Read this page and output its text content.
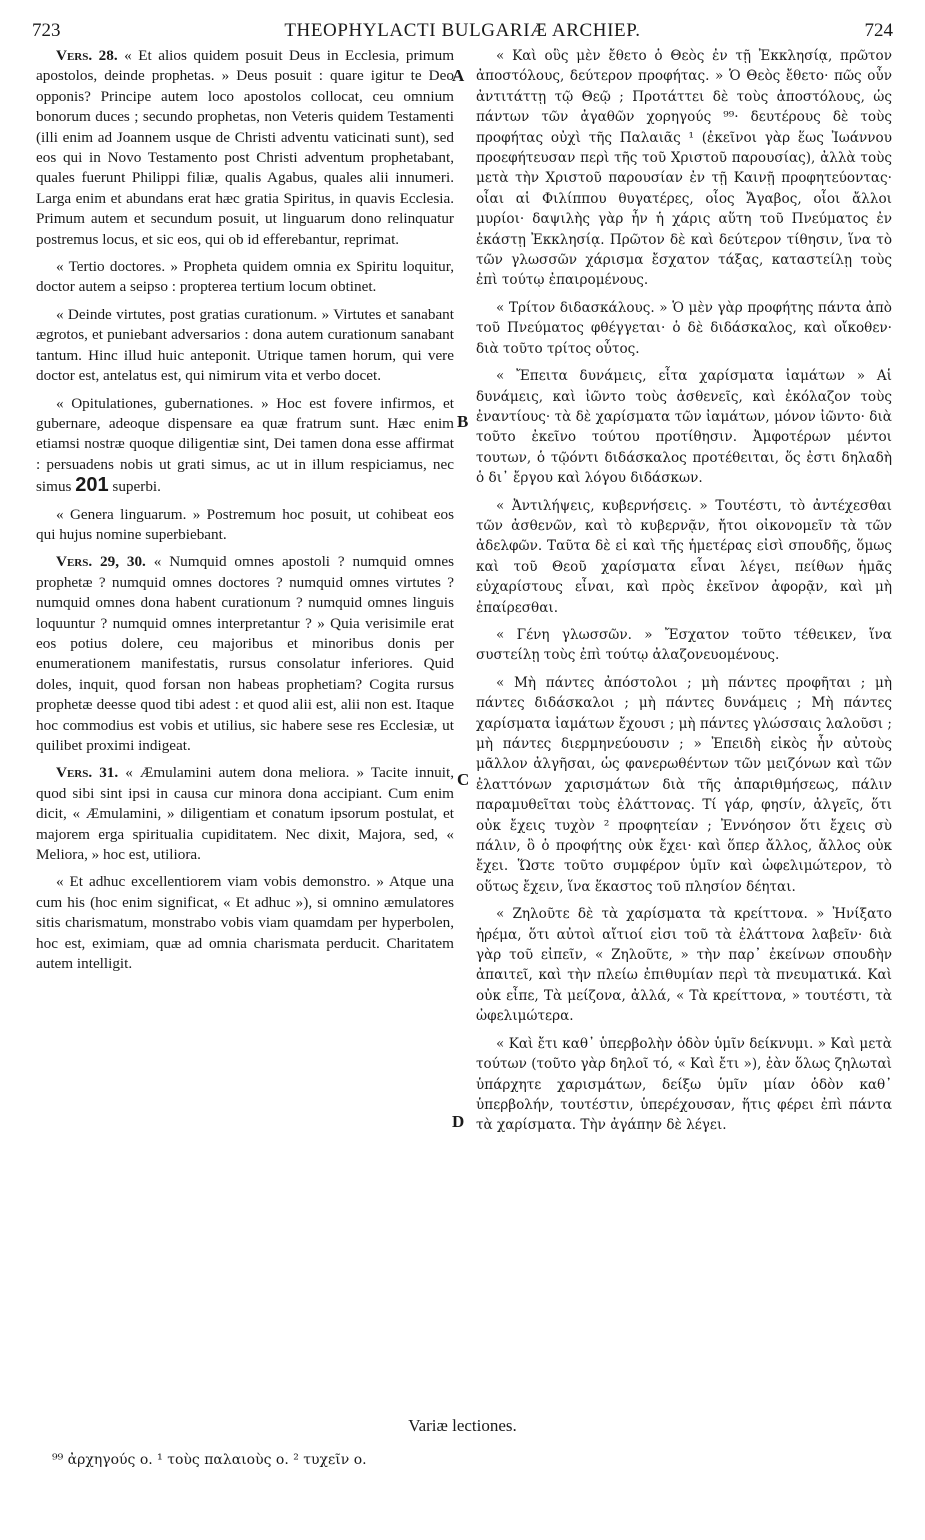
723	THEOPHYLACTI BULGARIÆ ARCHIEP.	724
A
B
C
D

Vers. 28. « Et alios quidem posuit Deus in Ecclesia, primum apostolos, deinde prophetas. » Deus posuit : quare igitur te Deo opponis? Principe autem loco apostolos collocat, ceu omnium bonorum duces ; secundo prophetas, non Veteris quidem Testamenti (illi enim ad Joannem usque de Christi adventu vaticinati sunt), sed eos qui in Novo Testamento post Christi adventum prophetabant, quales fuerunt Philippi filiæ, qualis Agabus, quales alii innumeri. Larga enim et abundans erat hæc gratia Spiritus, in quavis Ecclesia. Primum autem et secundum posuit, ut linguarum dono relinquatur postremus locus, et sic eos, qui ob id efferebantur, reprimat.

« Tertio doctores. » Propheta quidem omnia ex Spiritu loquitur, doctor autem a seipso : propterea tertium locum obtinet.

« Deinde virtutes, post gratias curationum. » Virtutes et sanabant ægrotos, et puniebant adversarios : dona autem curationum sanabant tantum. Hinc illud huic anteponit. Utrique tamen horum, qui vere doctor est, antelatus est, qui nimirum vita et verbo docet.

« Opitulationes, gubernationes. » Hoc est fovere infirmos, et gubernare, adeoque dispensare ea quæ fratrum sunt. Hæc enim etiamsi nostræ quoque diligentiæ sint, Dei tamen dona esse affirmat : persuadens nobis ut grati simus, ac ut in illum respiciamus, nec simus 201 superbi.

« Genera linguarum. » Postremum hoc posuit, ut cohibeat eos qui hujus nomine superbiebant.

Vers. 29, 30. « Numquid omnes apostoli ? numquid omnes prophetæ ? numquid omnes doctores ? numquid omnes virtutes ? numquid omnes dona habent curationum ? numquid omnes linguis loquuntur ? numquid omnes interpretantur ? » Quia verisimile erat eos potius dolere, ceu majoribus et minoribus donis per enumerationem manifestatis, rursus consolatur inferiores. Quid doles, inquit, quod forsan non habeas prophetiam? Cogita rursus prophetæ deesse quod tibi adest : et quod alii est, alii non est. Itaque hoc commodius est vobis et utilius, sic habere sese res Ecclesiæ, ut quilibet proximi indigeat.

Vers. 31. « Æmulamini autem dona meliora. » Tacite innuit, quod sibi sint ipsi in causa cur minora dona accipiant. Cum enim dicit, « Æmulamini, » diligentiam et conatum ipsorum postulat, et majorem erga spiritualia cupiditatem. Nec dixit, Majora, sed, « Meliora, » hoc est, utiliora.

« Et adhuc excellentiorem viam vobis demonstro. » Atque una cum his (hoc enim significat, « Et adhuc »), si omnino æmulatores sitis charismatum, monstrabo vobis viam quamdam per hyperbolen, hoc est, eximiam, quæ ad omnia charismata perducit. Charitatem autem intelligit.

« Καὶ οὓς μὲν ἔθετο ὁ Θεὸς ἐν τῇ Ἐκκλησίᾳ, πρῶτον ἀποστόλους, δεύτερον προφήτας. » Ὁ Θεὸς ἔθετο· πῶς οὖν ἀντιτάττῃ τῷ Θεῷ ; Προτάττει δὲ τοὺς ἀποστόλους, ὡς πάντων τῶν ἀγαθῶν χορηγούς ⁹⁹· δευτέρους δὲ τοὺς προφήτας οὐχὶ τῆς Παλαιᾶς ¹ (ἐκεῖνοι γὰρ ἕως Ἰωάννου προεφήτευσαν περὶ τῆς τοῦ Χριστοῦ παρουσίας), ἀλλὰ τοὺς μετὰ τὴν Χριστοῦ παρουσίαν ἐν τῇ Καινῇ προφητεύοντας· οἷαι αἱ Φιλίππου θυγατέρες, οἷος Ἄγαβος, οἷοι ἄλλοι μυρίοι· δαψιλὴς γὰρ ἦν ἡ χάρις αὕτη τοῦ Πνεύματος ἐν ἑκάστῃ Ἐκκλησίᾳ. Πρῶτον δὲ καὶ δεύτερον τίθησιν, ἵνα τὸ τῶν γλωσσῶν χάρισμα ἔσχατον τάξας, καταστείλῃ τοὺς ἐπὶ τούτῳ ἐπαιρομένους.

« Τρίτον διδασκάλους. » Ὁ μὲν γὰρ προφήτης πάντα ἀπὸ τοῦ Πνεύματος φθέγγεται· ὁ δὲ διδάσκαλος, καὶ οἴκοθεν· διὰ τοῦτο τρίτος οὗτος.

« Ἔπειτα δυνάμεις, εἶτα χαρίσματα ἰαμάτων » Αἱ δυνάμεις, καὶ ἰῶντο τοὺς ἀσθενεῖς, καὶ ἐκόλαζον τοὺς ἐναντίους· τὰ δὲ χαρίσματα τῶν ἰαμάτων, μόνον ἰῶντο· διὰ τοῦτο ἐκεῖνο τούτου προτίθησιν. Ἀμφοτέρων μέντοι τουτων, ὁ τῷόντι διδάσκαλος προτέθειται, ὅς ἐστι δηλαδὴ ὁ δι᾽ ἔργου καὶ λόγου διδάσκων.

« Ἀντιλήψεις, κυβερνήσεις. » Τουτέστι, τὸ ἀντέχεσθαι τῶν ἀσθενῶν, καὶ τὸ κυβερνᾷν, ἤτοι οἰκονομεῖν τὰ τῶν ἀδελφῶν. Ταῦτα δὲ εἰ καὶ τῆς ἡμετέρας εἰσὶ σπουδῆς, ὅμως καὶ τοῦ Θεοῦ χαρίσματα εἶναι λέγει, πείθων ἡμᾶς εὐχαρίστους εἶναι, καὶ πρὸς ἐκεῖνον ἀφορᾷν, καὶ μὴ ἐπαίρεσθαι.

« Γένη γλωσσῶν. » Ἔσχατον τοῦτο τέθεικεν, ἵνα συστείλῃ τοὺς ἐπὶ τούτῳ ἀλαζονευομένους.

« Μὴ πάντες ἀπόστολοι ; μὴ πάντες προφῆται ; μὴ πάντες διδάσκαλοι ; μὴ πάντες δυνάμεις ; Μὴ πάντες χαρίσματα ἰαμάτων ἔχουσι ; μὴ πάντες γλώσσαις λαλοῦσι ; μὴ πάντες διερμηνεύουσιν ; » Ἐπειδὴ εἰκὸς ἦν αὐτοὺς μᾶλλον ἀλγῆσαι, ὡς φανερωθέντων τῶν μειζόνων καὶ τῶν ἐλαττόνων χαρισμάτων διὰ τῆς ἀπαριθμήσεως, πάλιν παραμυθεῖται τοὺς ἐλάττονας. Τί γάρ, φησίν, ἀλγεῖς, ὅτι οὐκ ἔχεις τυχὸν ² προφητείαν ; Ἐννόησον ὅτι ἔχεις σὺ πάλιν, ὃ ὁ προφήτης οὐκ ἔχει· καὶ ὅπερ ἄλλος, ἄλλος οὐκ ἔχει. Ὥστε τοῦτο συμφέρον ὑμῖν καὶ ὠφελιμώτερον, τὸ οὕτως ἔχειν, ἵνα ἕκαστος τοῦ πλησίον δέηται.

« Ζηλοῦτε δὲ τὰ χαρίσματα τὰ κρείττονα. » Ἠνίξατο ἠρέμα, ὅτι αὐτοὶ αἴτιοί εἰσι τοῦ τὰ ἐλάττονα λαβεῖν· διὰ γὰρ τοῦ εἰπεῖν, « Ζηλοῦτε, » τὴν παρ᾽ ἐκείνων σπουδὴν ἀπαιτεῖ, καὶ τὴν πλείω ἐπιθυμίαν περὶ τὰ πνευματικά. Καὶ οὐκ εἶπε, Τὰ μείζονα, ἀλλά, « Τὰ κρείττονα, » τουτέστι, τὰ ὠφελιμώτερα.

« Καὶ ἔτι καθ᾽ ὑπερβολὴν ὁδὸν ὑμῖν δείκνυμι. » Καὶ μετὰ τούτων (τοῦτο γὰρ δηλοῖ τό, « Καὶ ἔτι »), ἐὰν ὅλως ζηλωταὶ ὑπάρχητε χαρισμάτων, δείξω ὑμῖν μίαν ὁδὸν καθ᾽ ὑπερβολήν, τουτέστιν, ὑπερέχουσαν, ἥτις φέρει ἐπὶ πάντα τὰ χαρίσματα. Τὴν ἀγάπην δὲ λέγει.

Variæ lectiones.
⁹⁹ ἀρχηγούς ο. ¹ τοὺς παλαιοὺς ο. ² τυχεῖν ο.
